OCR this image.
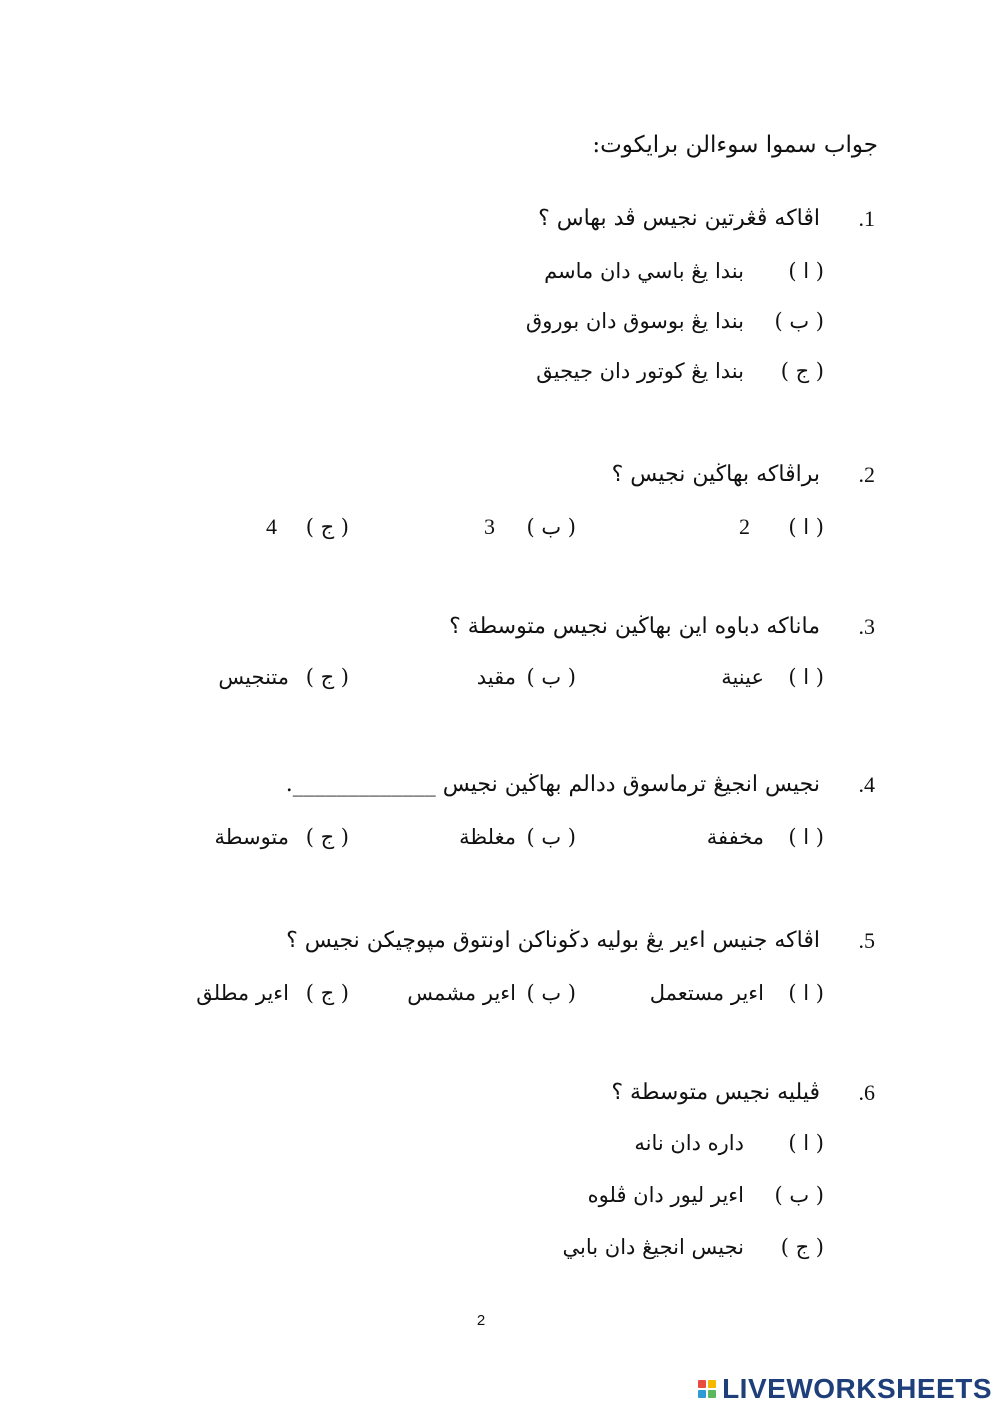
جواب سموا سوءالن برايكوت:
.1
اڤاكه ڤڠرتين نجيس ڤد بهاس ؟
( ا )
بندا يڠ باسي دان ماسم
( ب )
بندا يڠ بوسوق دان بوروق
( ج )
بندا يڠ كوتور دان جيجيق
.2
براڤاكه بهاڬين نجيس ؟
( ا )
2
( ب )
3
( ج )
4
.3
ماناكه دباوه اين بهاڬين نجيس متوسطة ؟
( ا )
عينية
( ب )
مقيد
( ج )
متنجيس
.4
نجيس انجيڠ ترماسوق ددالم بهاڬين نجيس _____________.
( ا )
مخففة
( ب )
مغلظة
( ج )
متوسطة
.5
اڤاكه جنيس اءير يڠ بوليه دڬوناكن اونتوق مپوچيكن نجيس ؟
( ا )
اءير مستعمل
( ب )
اءير مشمس
( ج )
اءير مطلق
.6
ڤيليه نجيس متوسطة ؟
( ا )
داره دان نانه
( ب )
اءير ليور دان ڤلوه
( ج )
نجيس انجيڠ دان بابي
2
LIVEWORKSHEETS
